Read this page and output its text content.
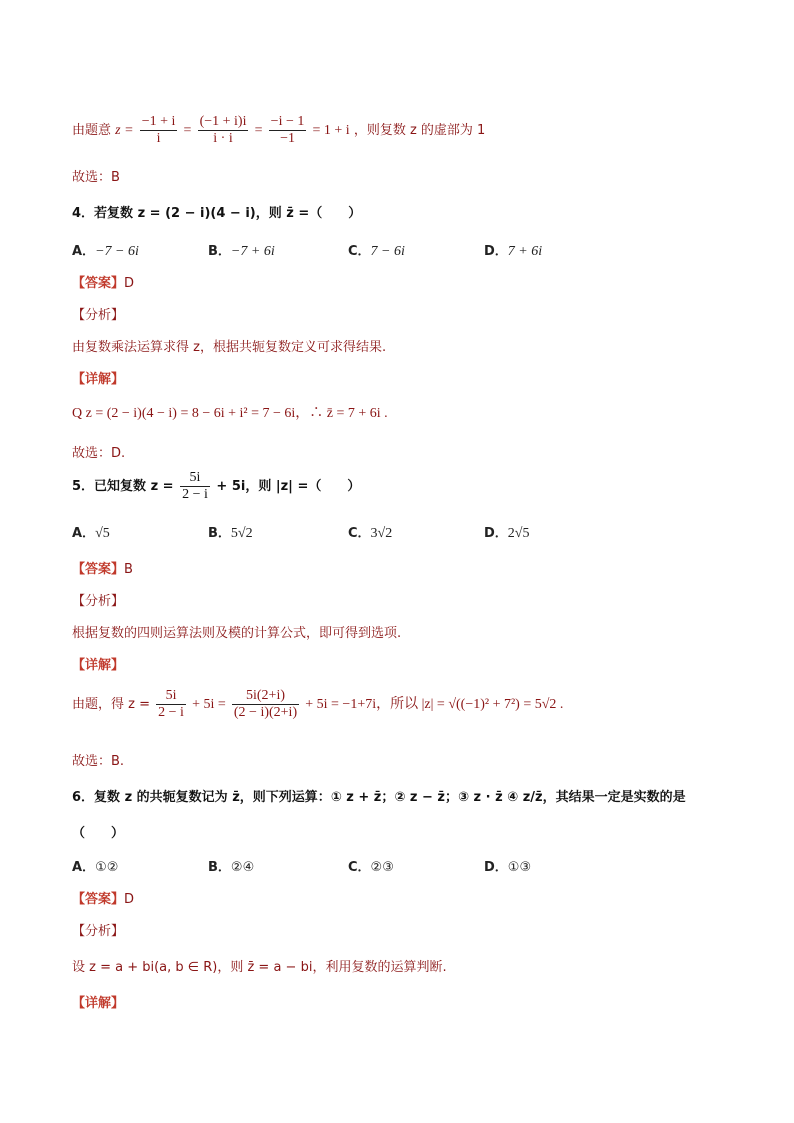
由题意 $z = \frac{-1 + i}{i} = \frac{(-1 + i)i}{i \cdot i} = \frac{-i - 1}{-1} = 1 + i$ ，则复数 z 的虚部为 1
故选：B
4．若复数 z = (2 − i)(4 − i)，则 z̄ =（　　）
A．−7 − 6i	B．−7 + 6i	C．7 − 6i	D．7 + 6i
【答案】D
【分析】
由复数乘法运算求得 z，根据共轭复数定义可求得结果.
【详解】
Q z = (2 − i)(4 − i) = 8 − 6i + i² = 7 − 6i，∴ z̄ = 7 + 6i .
故选：D.
5．已知复数 $z = \frac{5i}{2 - i} + 5i$，则 |z| =（　　）
A．√5	B．5√2	C．3√2	D．2√5
【答案】B
【分析】
根据复数的四则运算法则及模的计算公式，即可得到选项.
【详解】
由题，得 $z = \frac{5i}{2 - i} + 5i = \frac{5i(2+i)}{(2 - i)(2+i)} + 5i = -1+7i$，所以 |z| = √((−1)² + 7²) = 5√2 .
故选：B.
6．复数 z 的共轭复数记为 z̄，则下列运算：① z + z̄；② z − z̄；③ z · z̄ ④ z/z̄，其结果一定是实数的是
（　　）
A．①②	B．②④	C．②③	D．①③
【答案】D
【分析】
设 z = a + bi(a, b ∈ R)，则 z̄ = a − bi，利用复数的运算判断.
【详解】
